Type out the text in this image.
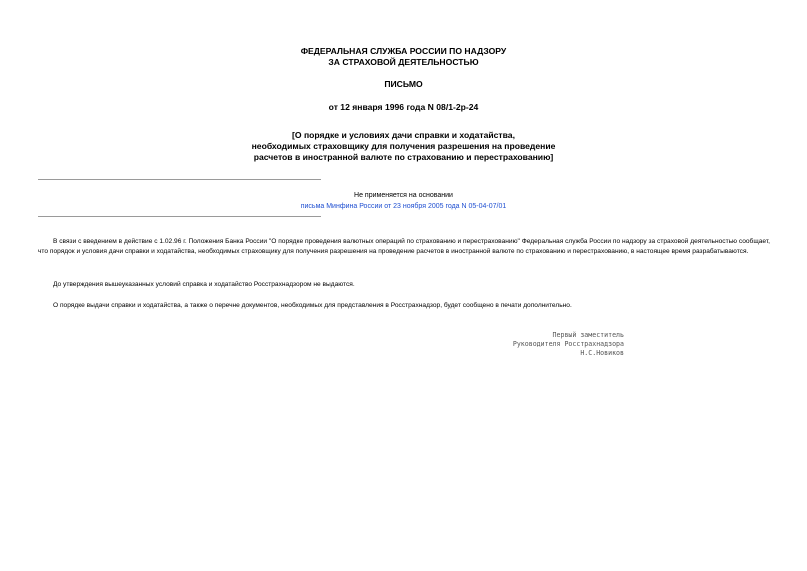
ФЕДЕРАЛЬНАЯ СЛУЖБА РОССИИ ПО НАДЗОРУ
ЗА СТРАХОВОЙ ДЕЯТЕЛЬНОСТЬЮ
ПИСЬМО
от 12 января 1996 года N 08/1-2р-24
[О порядке и условиях дачи справки и ходатайства,
необходимых страховщику для получения разрешения на проведение
расчетов в иностранной валюте по страхованию и перестрахованию]
Не применяется на основании
письма Минфина России от 23 ноября 2005 года N 05-04-07/01

В связи с введением в действие с 1.02.96 г. Положения Банка России "О порядке проведения валютных операций по страхованию и перестрахованию" Федеральная служба России по надзору за страховой деятельностью сообщает, что порядок и условия дачи справки и ходатайства, необходимых страховщику для получения разрешения на проведение расчетов в иностранной валюте по страхованию и перестрахованию, в настоящее время разрабатываются.

До утверждения вышеуказанных условий справка и ходатайство Росстрахнадзором не выдаются.

О порядке выдачи справки и ходатайства, а также о перечне документов, необходимых для представления в Росстрахнадзор, будет сообщено в печати дополнительно.

Первый заместитель
Руководителя Росстрахнадзора
Н.С.Новиков
